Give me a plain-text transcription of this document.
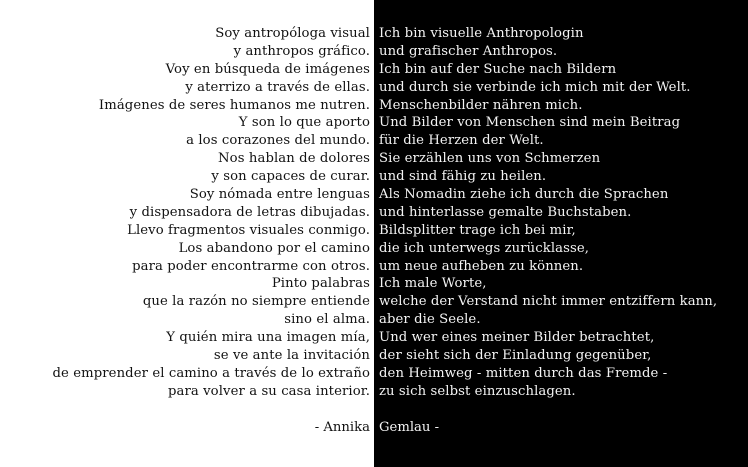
Soy antropóloga visual
y anthropos gráfico.
Voy en búsqueda de imágenes
y aterrizo a través de ellas.
Imágenes de seres humanos me nutren.
Y son lo que aporto
a los corazones del mundo.
Nos hablan de dolores
y son capaces de curar.
Soy nómada entre lenguas
y dispensadora de letras dibujadas.
Llevo fragmentos visuales conmigo.
Los abandono por el camino
para poder encontrarme con otros.
Pinto palabras
que la razón no siempre entiende
sino el alma.
Y quién mira una imagen mía,
se ve ante la invitación
de emprender el camino a través de lo extraño
para volver a su casa interior.
- Annika
Ich bin visuelle Anthropologin
und grafischer Anthropos.
Ich bin auf der Suche nach Bildern
und durch sie verbinde ich mich mit der Welt.
Menschenbilder nähren mich.
Und Bilder von Menschen sind mein Beitrag
für die Herzen der Welt.
Sie erzählen uns von Schmerzen
und sind fähig zu heilen.
Als Nomadin ziehe ich durch die Sprachen
und hinterlasse gemalte Buchstaben.
Bildsplitter trage ich bei mir,
die ich unterwegs zurücklasse,
um neue aufheben zu können.
Ich male Worte,
welche der Verstand nicht immer entziffern kann,
aber die Seele.
Und wer eines meiner Bilder betrachtet,
der sieht sich der Einladung gegenüber,
den Heimweg - mitten durch das Fremde -
zu sich selbst einzuschlagen.
Gemlau -
